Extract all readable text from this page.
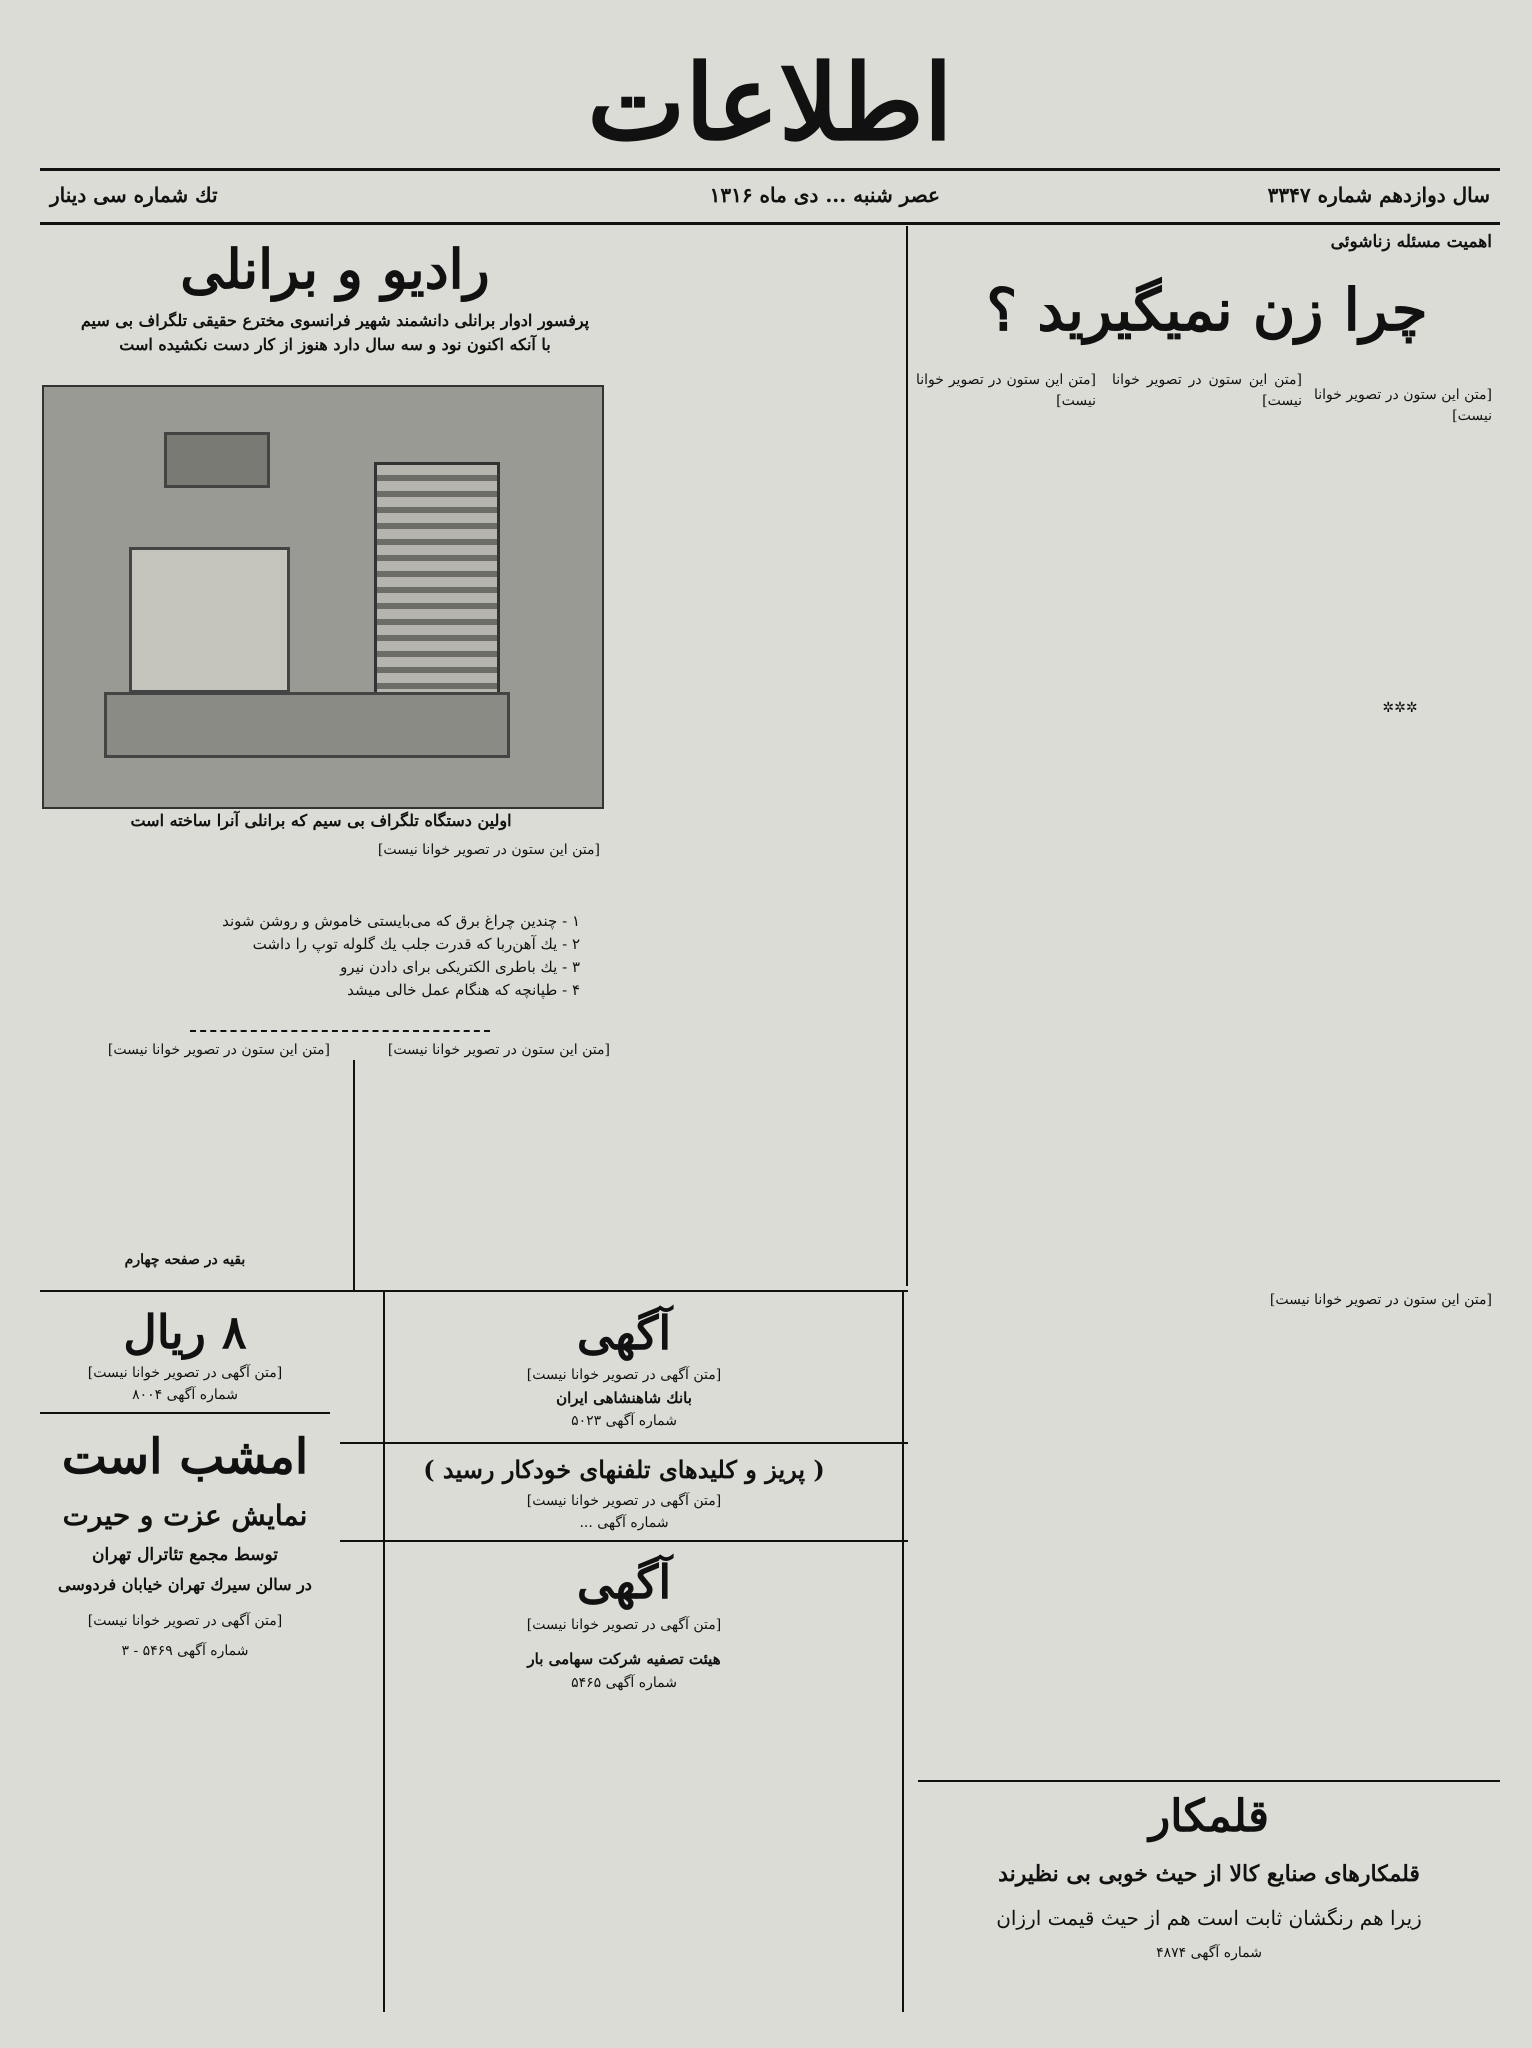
اطلاعات
سال دوازدهم شماره ۳۳۴۷
عصر شنبه ... دی ماه ۱۳۱۶
تك شماره سی دینار
اهمیت مسئله زناشوئی
چرا زن نمیگیرید ؟

[متن این ستون در تصویر خوانا نیست]

[متن این ستون در تصویر خوانا نیست]

✲✲✲

[متن این ستون در تصویر خوانا نیست]

[متن این ستون در تصویر خوانا نیست]

رادیو و برانلی
پرفسور ادوار برانلی دانشمند شهیر فرانسوی مخترع حقیقی تلگراف بی سیم
با آنکه اکنون نود و سه سال دارد هنوز از کار دست نکشیده است
اولین دستگاه تلگراف بی سیم که برانلی آنرا ساخته است

[متن این ستون در تصویر خوانا نیست]

۱ - چندین چراغ برق که می‌بایستی خاموش و روشن شوند
۲ - یك آهن‌ربا که قدرت جلب یك گلوله توپ را داشت
۳ - یك باطری الکتریکی برای دادن نیرو
۴ - طپانچه که هنگام عمل خالی میشد

[متن این ستون در تصویر خوانا نیست]	[متن این ستون در تصویر خوانا نیست]

بقیه در صفحه چهارم
۸ ریال
[متن آگهی در تصویر خوانا نیست]
شماره آگهی ۸۰۰۴
امشب است
نمایش عزت و حیرت
توسط مجمع تئاترال تهران
در سالن سیرك تهران خیابان فردوسی
[متن آگهی در تصویر خوانا نیست]
شماره آگهی ۵۴۶۹ - ۳
آگهی
[متن آگهی در تصویر خوانا نیست]
بانك شاهنشاهی ایران
شماره آگهی ۵۰۲۳
( پریز و کلیدهای تلفنهای خودکار رسید )
[متن آگهی در تصویر خوانا نیست]
شماره آگهی ...
آگهی
[متن آگهی در تصویر خوانا نیست]
هیئت تصفیه شرکت سهامی بار
شماره آگهی ۵۴۶۵
قلمکار
قلمکارهای صنایع کالا از حیث خوبی بی نظیرند
زیرا هم رنگشان ثابت است هم از حیث قیمت ارزان
شماره آگهی ۴۸۷۴
